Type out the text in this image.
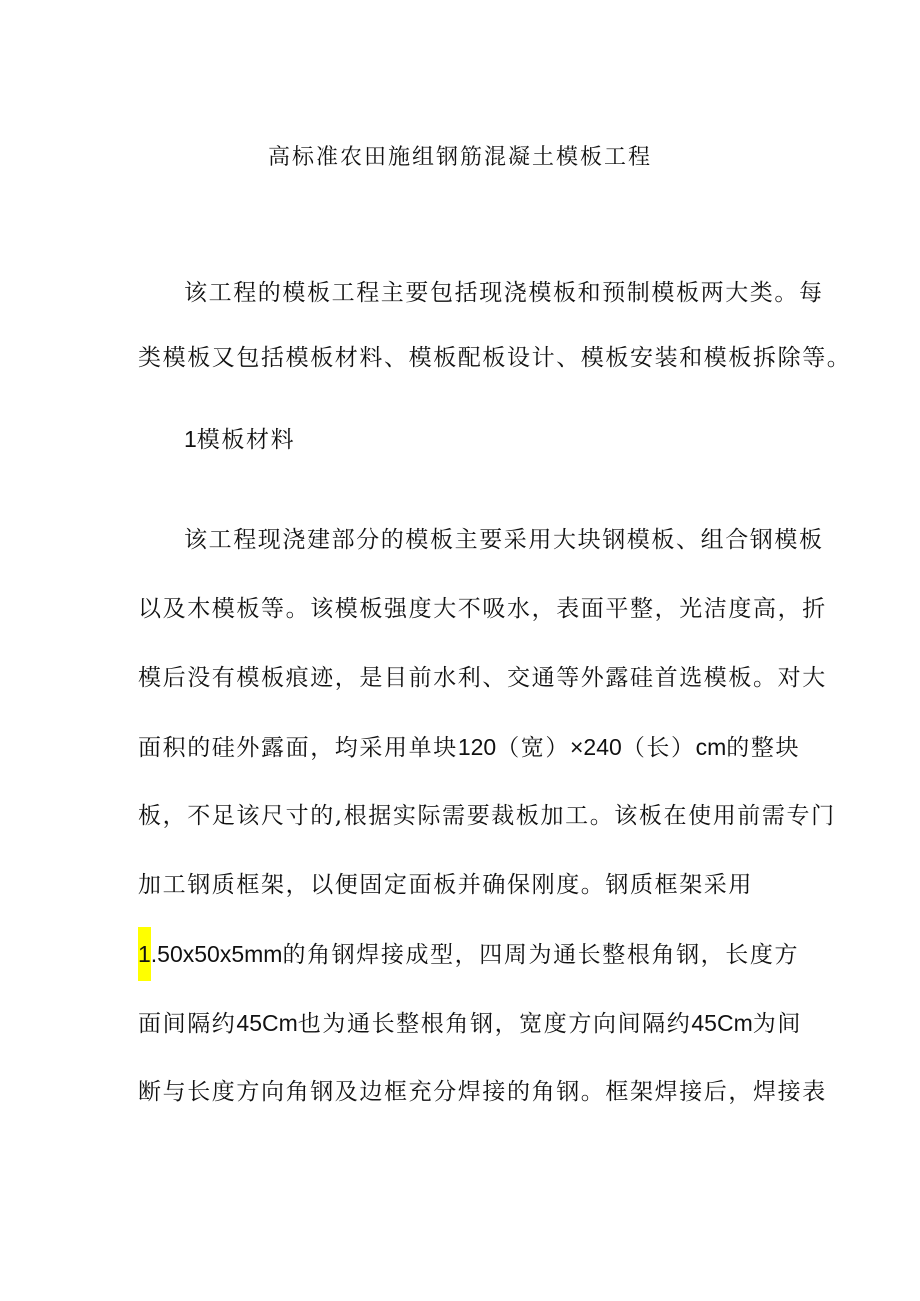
高标准农田施组钢筋混凝土模板工程
该工程的模板工程主要包括现浇模板和预制模板两大类。每
类模板又包括模板材料、模板配板设计、模板安装和模板拆除等。
1模板材料
该工程现浇建部分的模板主要采用大块钢模板、组合钢模板
以及木模板等。该模板强度大不吸水，表面平整，光洁度高，折
模后没有模板痕迹，是目前水利、交通等外露硅首选模板。对大
面积的硅外露面，均采用单块120（宽）×240（长）cm的整块
板，不足该尺寸的,根据实际需要裁板加工。该板在使用前需专门
加工钢质框架，以便固定面板并确保刚度。钢质框架采用
1.50x50x5mm的角钢焊接成型，四周为通长整根角钢，长度方
面间隔约45Cm也为通长整根角钢，宽度方向间隔约45Cm为间
断与长度方向角钢及边框充分焊接的角钢。框架焊接后，焊接表
